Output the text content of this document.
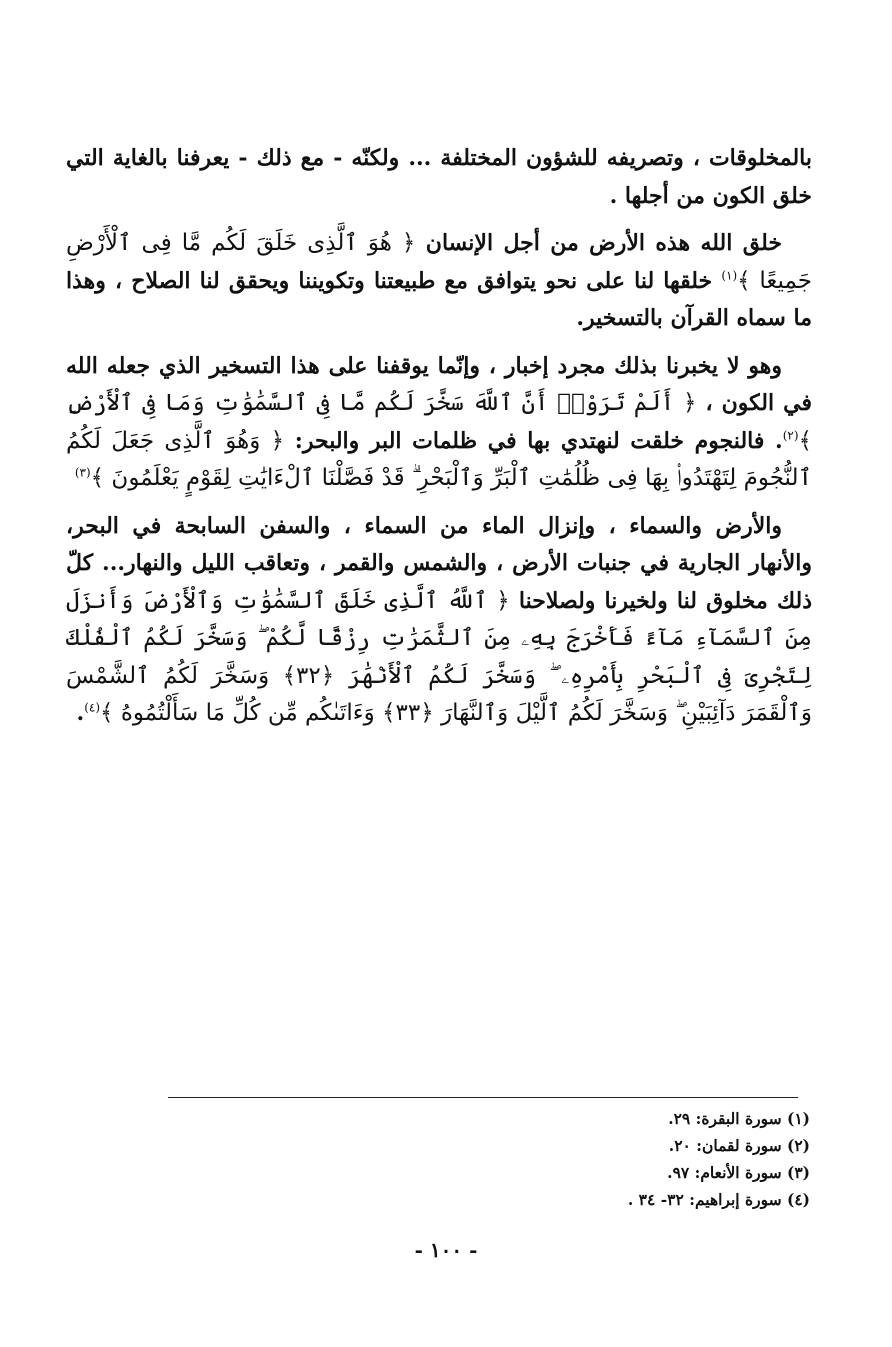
بالمخلوقات ، وتصريفه للشؤون المختلفة ... ولكنّه - مع ذلك - يعرفنا بالغاية التي خلق الكون من أجلها .

خلق الله هذه الأرض من أجل الإنسان ﴿ هُوَ ٱلَّذِى خَلَقَ لَكُم مَّا فِى ٱلْأَرْضِ جَمِيعًا ﴾$^{(١)}$ خلقها لنا على نحو يتوافق مع طبيعتنا وتكويننا ويحقق لنا الصلاح ، وهذا ما سماه القرآن بالتسخير.

وهو لا يخبرنا بذلك مجرد إخبار ، وإنّما يوقفنا على هذا التسخير الذي جعله الله في الكون ، ﴿ أَلَمْ تَرَوْا۟ أَنَّ ٱللَّهَ سَخَّرَ لَكُم مَّا فِى ٱلسَّمَٰوَٰتِ وَمَا فِى ٱلْأَرْضِ ﴾$^{(٢)}$. فالنجوم خلقت لنهتدي بها في ظلمات البر والبحر: ﴿ وَهُوَ ٱلَّذِى جَعَلَ لَكُمُ ٱلنُّجُومَ لِتَهْتَدُوا۟ بِهَا فِى ظُلُمَٰتِ ٱلْبَرِّ وَٱلْبَحْرِ ۗ قَدْ فَصَّلْنَا ٱلْءَايَٰتِ لِقَوْمٍ يَعْلَمُونَ ﴾$^{(٣)}$

والأرض والسماء ، وإنزال الماء من السماء ، والسفن السابحة في البحر، والأنهار الجارية في جنبات الأرض ، والشمس والقمر ، وتعاقب الليل والنهار... كلّ ذلك مخلوق لنا ولخيرنا ولصلاحنا ﴿ ٱللَّهُ ٱلَّذِى خَلَقَ ٱلسَّمَٰوَٰتِ وَٱلْأَرْضَ وَأَنزَلَ مِنَ ٱلسَّمَآءِ مَآءً فَأَخْرَجَ بِهِۦ مِنَ ٱلثَّمَرَٰتِ رِزْقًا لَّكُمْ ۖ وَسَخَّرَ لَكُمُ ٱلْفُلْكَ لِتَجْرِىَ فِى ٱلْبَحْرِ بِأَمْرِهِۦ ۖ وَسَخَّرَ لَكُمُ ٱلْأَنْهَٰرَ ﴿٣٢﴾ وَسَخَّرَ لَكُمُ ٱلشَّمْسَ وَٱلْقَمَرَ دَآئِبَيْنِ ۖ وَسَخَّرَ لَكُمُ ٱلَّيْلَ وَٱلنَّهَارَ ﴿٣٣﴾ وَءَاتَىٰكُم مِّن كُلِّ مَا سَأَلْتُمُوهُ ﴾$^{(٤)}$.

(١) سورة البقرة: ٢٩.
(٢) سورة لقمان: ٢٠.
(٣) سورة الأنعام: ٩٧.
(٤) سورة إبراهيم: ٣٢- ٣٤ .
- ١٠٠ -
